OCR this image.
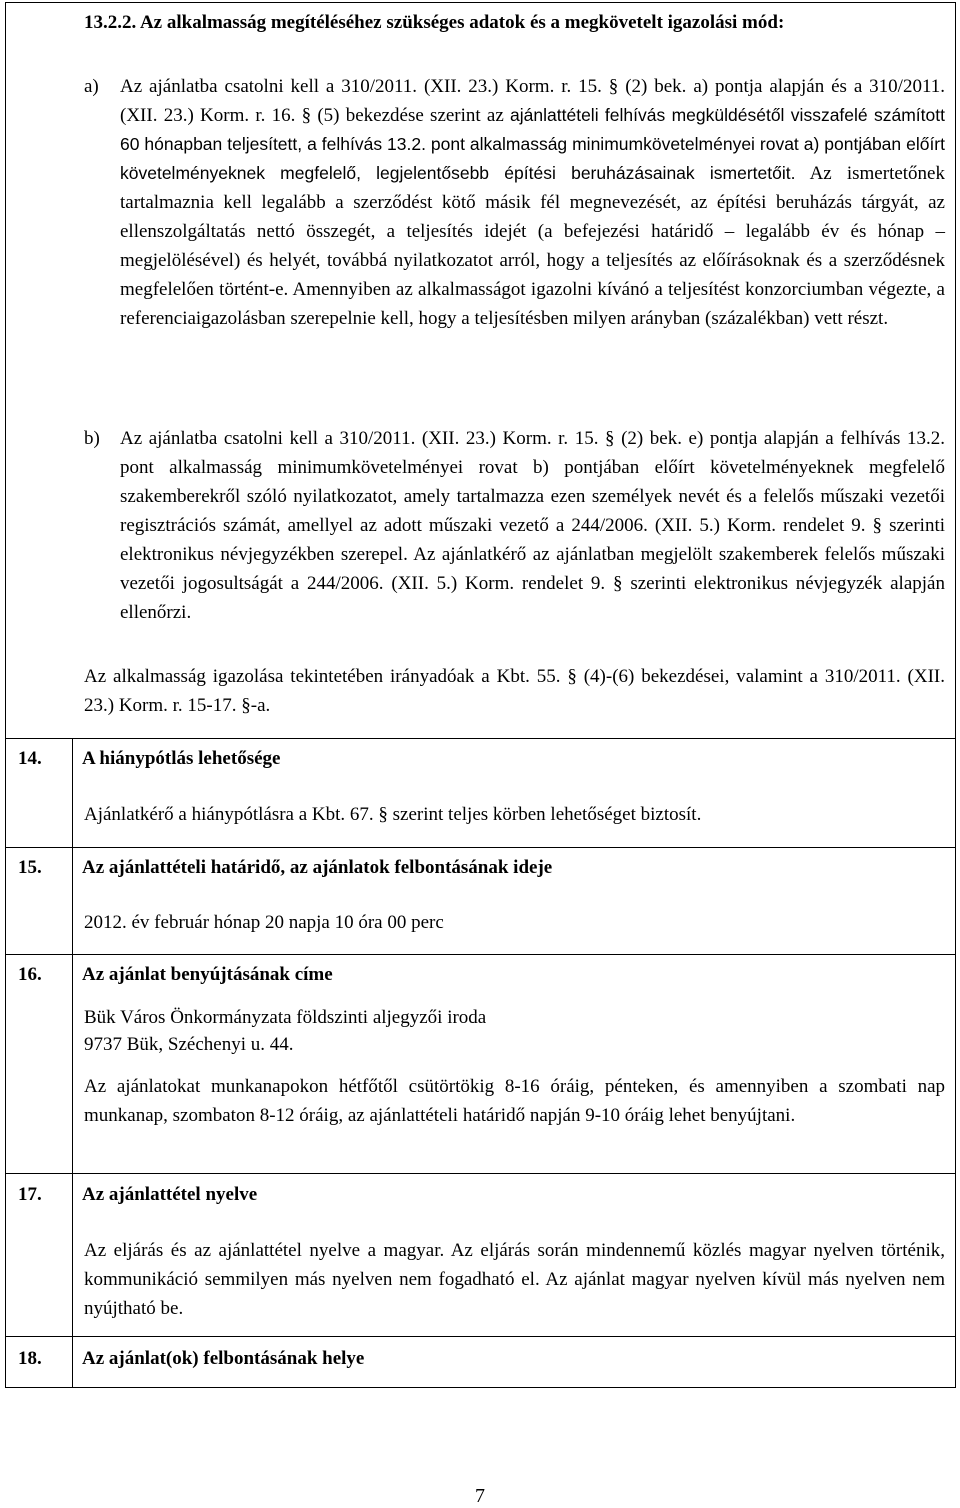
13.2.2. Az alkalmasság megítéléséhez szükséges adatok és a megkövetelt igazolási mód:
a) Az ajánlatba csatolni kell a 310/2011. (XII. 23.) Korm. r. 15. § (2) bek. a) pontja alapján és a 310/2011. (XII. 23.) Korm. r. 16. § (5) bekezdése szerint az ajánlattételi felhívás megküldésétől visszafelé számított 60 hónapban teljesített, a felhívás 13.2. pont alkalmasság minimumkövetelményei rovat a) pontjában előírt követelményeknek megfelelő, legjelentősebb építési beruházásainak ismertetőit. Az ismertetőnek tartalmaznia kell legalább a szerződést kötő másik fél megnevezését, az építési beruházás tárgyát, az ellenszolgáltatás nettó összegét, a teljesítés idejét (a befejezési határidő – legalább év és hónap – megjelölésével) és helyét, továbbá nyilatkozatot arról, hogy a teljesítés az előírásoknak és a szerződésnek megfelelően történt-e. Amennyiben az alkalmasságot igazolni kívánó a teljesítést konzorciumban végezte, a referenciaigazolásban szerepelnie kell, hogy a teljesítésben milyen arányban (százalékban) vett részt.
b) Az ajánlatba csatolni kell a 310/2011. (XII. 23.) Korm. r. 15. § (2) bek. e) pontja alapján a felhívás 13.2. pont alkalmasság minimumkövetelményei rovat b) pontjában előírt követelményeknek megfelelő szakemberekről szóló nyilatkozatot, amely tartalmazza ezen személyek nevét és a felelős műszaki vezetői regisztrációs számát, amellyel az adott műszaki vezető a 244/2006. (XII. 5.) Korm. rendelet 9. § szerinti elektronikus névjegyzékben szerepel. Az ajánlatkérő az ajánlatban megjelölt szakemberek felelős műszaki vezetői jogosultságát a 244/2006. (XII. 5.) Korm. rendelet 9. § szerinti elektronikus névjegyzék alapján ellenőrzi.
Az alkalmasság igazolása tekintetében irányadóak a Kbt. 55. § (4)-(6) bekezdései, valamint a 310/2011. (XII. 23.) Korm. r. 15-17. §-a.
14. A hiánypótlás lehetősége
Ajánlatkérő a hiánypótlásra a Kbt. 67. § szerint teljes körben lehetőséget biztosít.
15. Az ajánlattételi határidő, az ajánlatok felbontásának ideje
2012. év február hónap 20 napja 10 óra 00 perc
16. Az ajánlat benyújtásának címe
Bük Város Önkormányzata földszinti aljegyzői iroda
9737 Bük, Széchenyi u. 44.
Az ajánlatokat munkanapokon hétfőtől csütörtökig 8-16 óráig, pénteken, és amennyiben a szombati nap munkanap, szombaton 8-12 óráig, az ajánlattételi határidő napján 9-10 óráig lehet benyújtani.
17. Az ajánlattétel nyelve
Az eljárás és az ajánlattétel nyelve a magyar. Az eljárás során mindennemű közlés magyar nyelven történik, kommunikáció semmilyen más nyelven nem fogadható el. Az ajánlat magyar nyelven kívül más nyelven nem nyújtható be.
18. Az ajánlat(ok) felbontásának helye
7
